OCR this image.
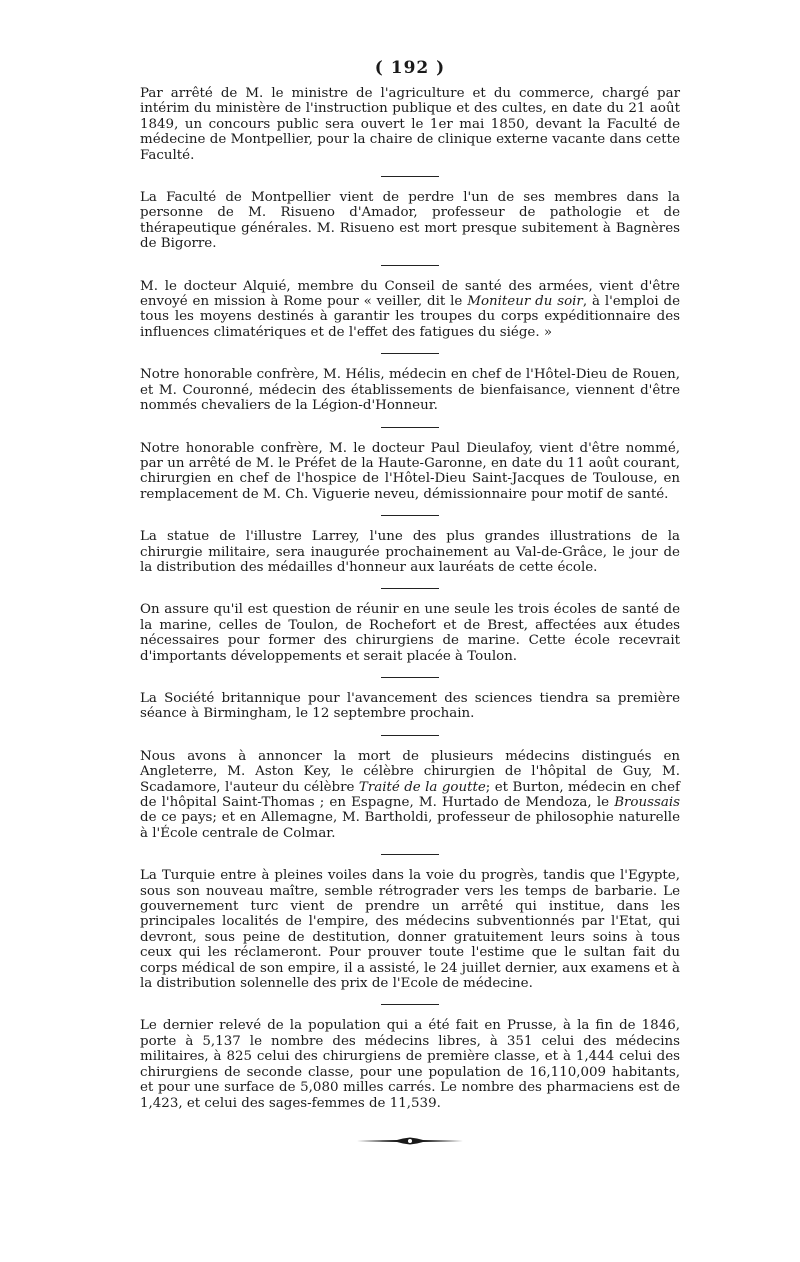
( 192 )

Par arrêté de M. le ministre de l'agriculture et du commerce, chargé par intérim du ministère de l'instruction publique et des cultes, en date du 21 août 1849, un concours public sera ouvert le 1er mai 1850, devant la Faculté de médecine de Montpellier, pour la chaire de clinique externe vacante dans cette Faculté.

La Faculté de Montpellier vient de perdre l'un de ses membres dans la personne de M. Risueno d'Amador, professeur de pathologie et de thérapeutique générales. M. Risueno est mort presque subitement à Bagnères de Bigorre.

M. le docteur Alquié, membre du Conseil de santé des armées, vient d'être envoyé en mission à Rome pour « veiller, dit le Moniteur du soir, à l'emploi de tous les moyens destinés à garantir les troupes du corps expéditionnaire des influences climatériques et de l'effet des fatigues du siége. »

Notre honorable confrère, M. Hélis, médecin en chef de l'Hôtel-Dieu de Rouen, et M. Couronné, médecin des établissements de bienfaisance, viennent d'être nommés chevaliers de la Légion-d'Honneur.

Notre honorable confrère, M. le docteur Paul Dieulafoy, vient d'être nommé, par un arrêté de M. le Préfet de la Haute-Garonne, en date du 11 août courant, chirurgien en chef de l'hospice de l'Hôtel-Dieu Saint-Jacques de Toulouse, en remplacement de M. Ch. Viguerie neveu, démissionnaire pour motif de santé.

La statue de l'illustre Larrey, l'une des plus grandes illustrations de la chirurgie militaire, sera inaugurée prochainement au Val-de-Grâce, le jour de la distribution des médailles d'honneur aux lauréats de cette école.

On assure qu'il est question de réunir en une seule les trois écoles de santé de la marine, celles de Toulon, de Rochefort et de Brest, affectées aux études nécessaires pour former des chirurgiens de marine. Cette école recevrait d'importants développements et serait placée à Toulon.

La Société britannique pour l'avancement des sciences tiendra sa première séance à Birmingham, le 12 septembre prochain.

Nous avons à annoncer la mort de plusieurs médecins distingués en Angleterre, M. Aston Key, le célèbre chirurgien de l'hôpital de Guy, M. Scadamore, l'auteur du célèbre Traité de la goutte; et Burton, médecin en chef de l'hôpital Saint-Thomas ; en Espagne, M. Hurtado de Mendoza, le Broussais de ce pays; et en Allemagne, M. Bartholdi, professeur de philosophie naturelle à l'École centrale de Colmar.

La Turquie entre à pleines voiles dans la voie du progrès, tandis que l'Egypte, sous son nouveau maître, semble rétrograder vers les temps de barbarie. Le gouvernement turc vient de prendre un arrêté qui institue, dans les principales localités de l'empire, des médecins subventionnés par l'Etat, qui devront, sous peine de destitution, donner gratuitement leurs soins à tous ceux qui les réclameront. Pour prouver toute l'estime que le sultan fait du corps médical de son empire, il a assisté, le 24 juillet dernier, aux examens et à la distribution solennelle des prix de l'Ecole de médecine.

Le dernier relevé de la population qui a été fait en Prusse, à la fin de 1846, porte à 5,137 le nombre des médecins libres, à 351 celui des médecins militaires, à 825 celui des chirurgiens de première classe, et à 1,444 celui des chirurgiens de seconde classe, pour une population de 16,110,009 habitants, et pour une surface de 5,080 milles carrés. Le nombre des pharmaciens est de 1,423, et celui des sages-femmes de 11,539.
